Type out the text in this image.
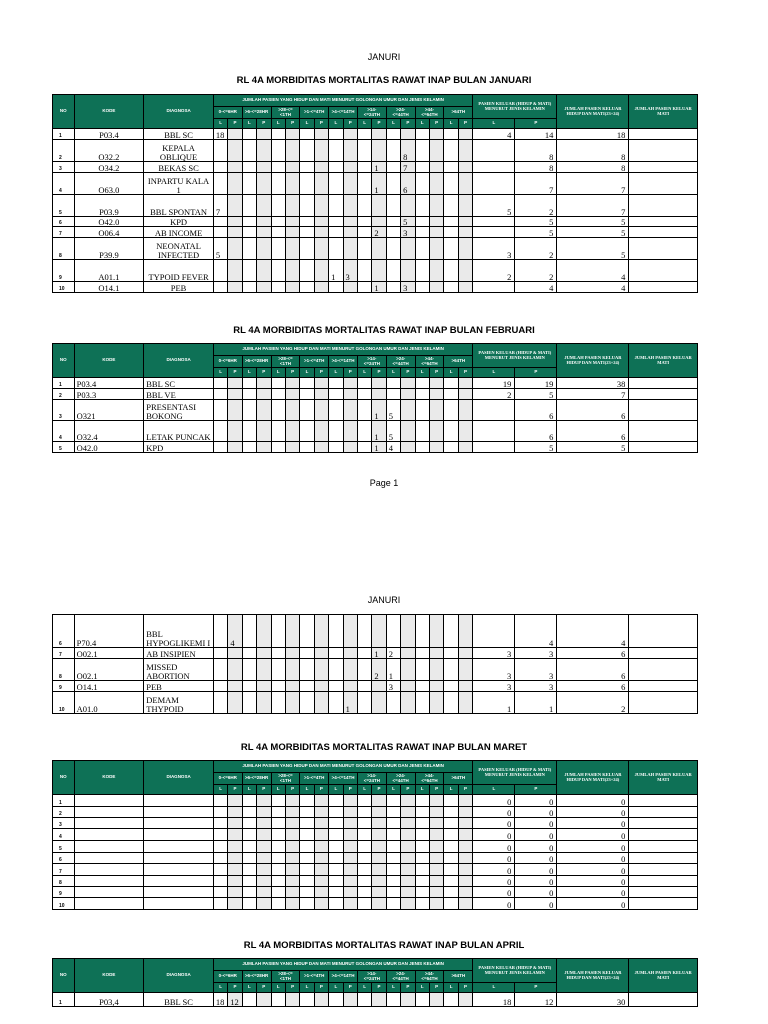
JANURI
RL 4A MORBIDITAS MORTALITAS RAWAT INAP BULAN JANUARI
NO	KODE	DIAGNOSA	JUMLAH PASIEN YANG HIDUP DAN MATI MENURUT GOLONGAN UMUR DAN JENIS KELAMIN																		PASIEN KELUAR (HIDUP & MATI) MENURUT JENIS KELAMIN		JUMLAH PASIEN KELUAR HIDUP DAN MATI(23+24)	JUMLAH PASIEN KELUAR MATI
			0-<=6HR		>6-<=28HR		>28-<=<1TH		>1-<=4TH		>4-<=14TH		>14-<=24TH		>24-<=44TH		>44-<=64TH		>64TH					
			L	P	L	P	L	P	L	P	L	P	L	P	L	P	L	P	L	P	L	P		
1	P03.4	BBL SC	18																		4	14	18	
2	O32.2	KEPALA OBLIQUE														8						8	8	
3	O34.2	BEKAS SC												1		7						8	8	
4	O63.0	INPARTU KALA 1												1		6						7	7	
5	P03.9	BBL SPONTAN	7																		5	2	7	
6	O42.0	KPD														5						5	5	
7	O06.4	AB INCOME												2		3						5	5	
8	P39.9	NEONATAL INFECTED	5																		3	2	5	
9	A01.1	TYPOID FEVER									1	3									2	2	4	
10	O14.1	PEB												1		3						4	4	
RL 4A MORBIDITAS MORTALITAS RAWAT INAP BULAN FEBRUARI
NO	KODE	DIAGNOSA	JUMLAH PASIEN YANG HIDUP DAN MATI MENURUT GOLONGAN UMUR DAN JENIS KELAMIN																		PASIEN KELUAR (HIDUP & MATI) MENURUT JENIS KELAMIN		JUMLAH PASIEN KELUAR HIDUP DAN MATI(23+24)	JUMLAH PASIEN KELUAR MATI
			0-<=6HR		>6-<=28HR		>28-<=<1TH		>1-<=4TH		>4-<=14TH		>14-<=24TH		>24-<=44TH		>44-<=64TH		>64TH					
			L	P	L	P	L	P	L	P	L	P	L	P	L	P	L	P	L	P	L	P		
1	P03.4	BBL SC																			19	19	38	
2	P03.3	BBL VE																			2	5	7	
3	O321	PRESENTASI BOKONG												1	5							6	6	
4	O32.4	LETAK PUNCAK												1	5							6	6	
5	O42.0	KPD												1	4							5	5	
Page 1
JANURI
6	P70.4	BBL HYPOGLIKEMI I		4																		4	4	
7	O02.1	AB INSIPIEN												1	2						3	3	6	
8	O02.1	MISSED ABORTION												2	1						3	3	6	
9	O14.1	PEB													3						3	3	6	
10	A01.0	DEMAM THYPOID										1									1	1	2	
RL 4A MORBIDITAS MORTALITAS RAWAT INAP BULAN MARET
NO	KODE	DIAGNOSA	JUMLAH PASIEN YANG HIDUP DAN MATI MENURUT GOLONGAN UMUR DAN JENIS KELAMIN																		PASIEN KELUAR (HIDUP & MATI) MENURUT JENIS KELAMIN		JUMLAH PASIEN KELUAR HIDUP DAN MATI(23+24)	JUMLAH PASIEN KELUAR MATI
			0-<=6HR		>6-<=28HR		>28-<=<1TH		>1-<=4TH		>4-<=14TH		>14-<=24TH		>24-<=44TH		>44-<=64TH		>64TH					
			L	P	L	P	L	P	L	P	L	P	L	P	L	P	L	P	L	P	L	P		
1																					0	0	0	
2																					0	0	0	
3																					0	0	0	
4																					0	0	0	
5																					0	0	0	
6																					0	0	0	
7																					0	0	0	
8																					0	0	0	
9																					0	0	0	
10																					0	0	0	
RL 4A MORBIDITAS MORTALITAS RAWAT INAP BULAN APRIL
NO	KODE	DIAGNOSA	JUMLAH PASIEN YANG HIDUP DAN MATI MENURUT GOLONGAN UMUR DAN JENIS KELAMIN																		PASIEN KELUAR (HIDUP & MATI) MENURUT JENIS KELAMIN		JUMLAH PASIEN KELUAR HIDUP DAN MATI(23+24)	JUMLAH PASIEN KELUAR MATI
			0-<=6HR		>6-<=28HR		>28-<=<1TH		>1-<=4TH		>4-<=14TH		>14-<=24TH		>24-<=44TH		>44-<=64TH		>64TH					
			L	P	L	P	L	P	L	P	L	P	L	P	L	P	L	P	L	P	L	P		
1	P03,4	BBL SC	18	12																	18	12	30	
